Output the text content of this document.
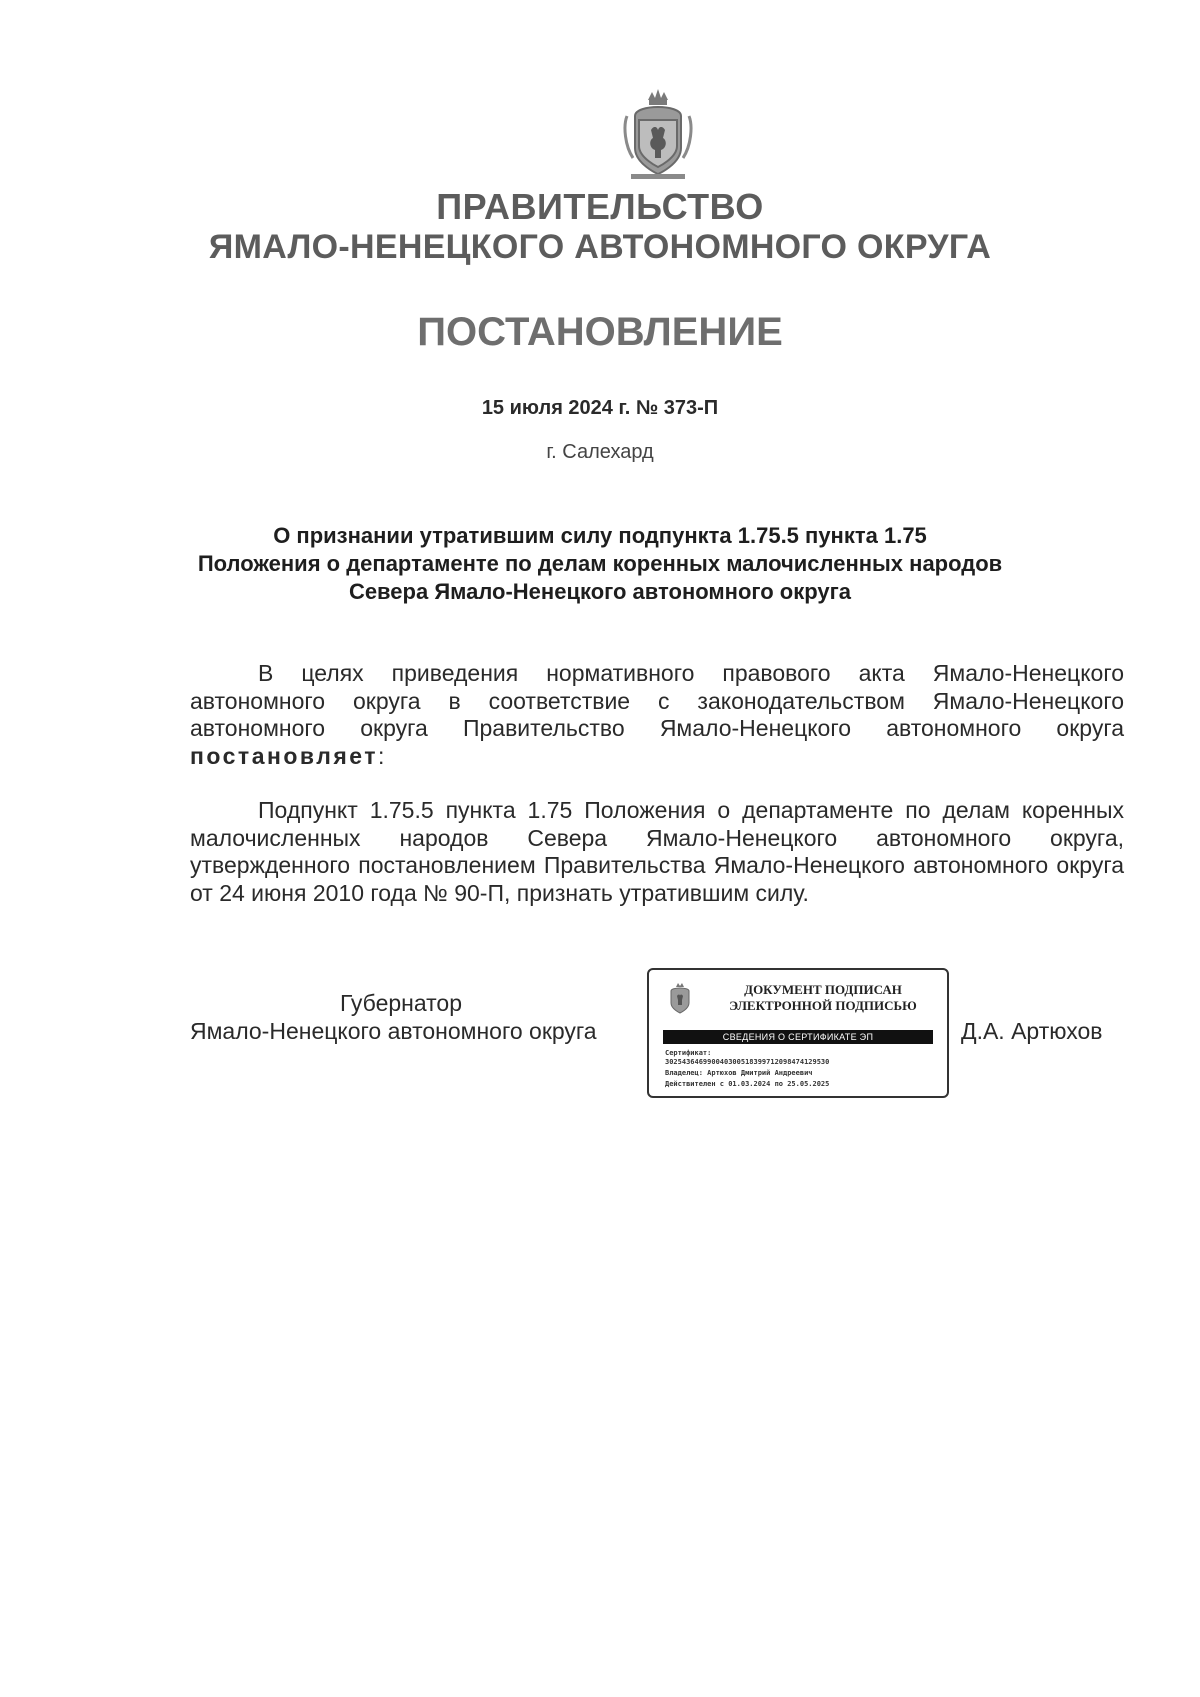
ПРАВИТЕЛЬСТВО
ЯМАЛО-НЕНЕЦКОГО АВТОНОМНОГО ОКРУГА
ПОСТАНОВЛЕНИЕ
15 июля 2024 г. № 373-П
г. Салехард
О признании утратившим силу подпункта 1.75.5 пункта 1.75
Положения о департаменте по делам коренных малочисленных народов
Севера Ямало-Ненецкого автономного округа
В целях приведения нормативного правового акта Ямало-Ненецкого автономного округа в соответствие с законодательством Ямало-Ненецкого автономного округа Правительство Ямало-Ненецкого автономного округа постановляет:
Подпункт 1.75.5 пункта 1.75 Положения о департаменте по делам коренных малочисленных народов Севера Ямало-Ненецкого автономного округа, утвержденного постановлением Правительства Ямало-Ненецкого автономного округа от 24 июня 2010 года № 90-П, признать утратившим силу.
Губернатор
Ямало-Ненецкого автономного округа
ДОКУМЕНТ ПОДПИСАН
ЭЛЕКТРОННОЙ ПОДПИСЬЮ
СВЕДЕНИЯ О СЕРТИФИКАТЕ ЭП
Сертификат:
302543646990040300518399712098474129530
Владелец: Артюхов Дмитрий Андреевич
Действителен с 01.03.2024 по 25.05.2025
Д.А. Артюхов
